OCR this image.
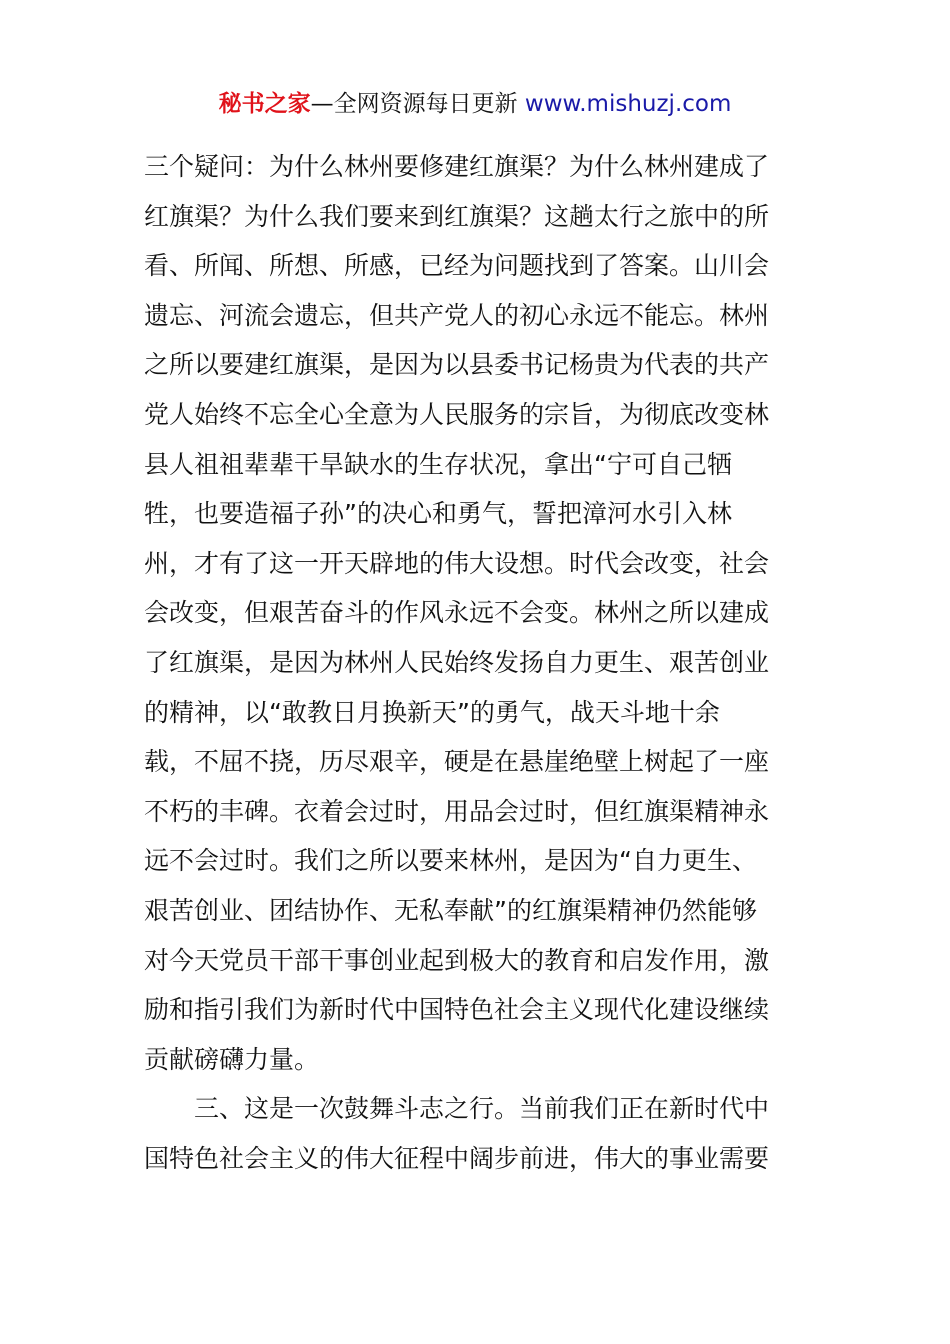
秘书之家—全网资源每日更新 www.mishuzj.com
三个疑问：为什么林州要修建红旗渠？为什么林州建成了
红旗渠？为什么我们要来到红旗渠？这趟太行之旅中的所
看、所闻、所想、所感，已经为问题找到了答案。山川会
遗忘、河流会遗忘，但共产党人的初心永远不能忘。林州
之所以要建红旗渠，是因为以县委书记杨贵为代表的共产
党人始终不忘全心全意为人民服务的宗旨，为彻底改变林
县人祖祖辈辈干旱缺水的生存状况，拿出“宁可自己牺
牲，也要造福子孙”的决心和勇气，誓把漳河水引入林
州，才有了这一开天辟地的伟大设想。时代会改变，社会
会改变，但艰苦奋斗的作风永远不会变。林州之所以建成
了红旗渠，是因为林州人民始终发扬自力更生、艰苦创业
的精神，以“敢教日月换新天”的勇气，战天斗地十余
载，不屈不挠，历尽艰辛，硬是在悬崖绝壁上树起了一座
不朽的丰碑。衣着会过时，用品会过时，但红旗渠精神永
远不会过时。我们之所以要来林州，是因为“自力更生、
艰苦创业、团结协作、无私奉献”的红旗渠精神仍然能够
对今天党员干部干事创业起到极大的教育和启发作用，激
励和指引我们为新时代中国特色社会主义现代化建设继续
贡献磅礴力量。
三、这是一次鼓舞斗志之行。当前我们正在新时代中
国特色社会主义的伟大征程中阔步前进，伟大的事业需要
